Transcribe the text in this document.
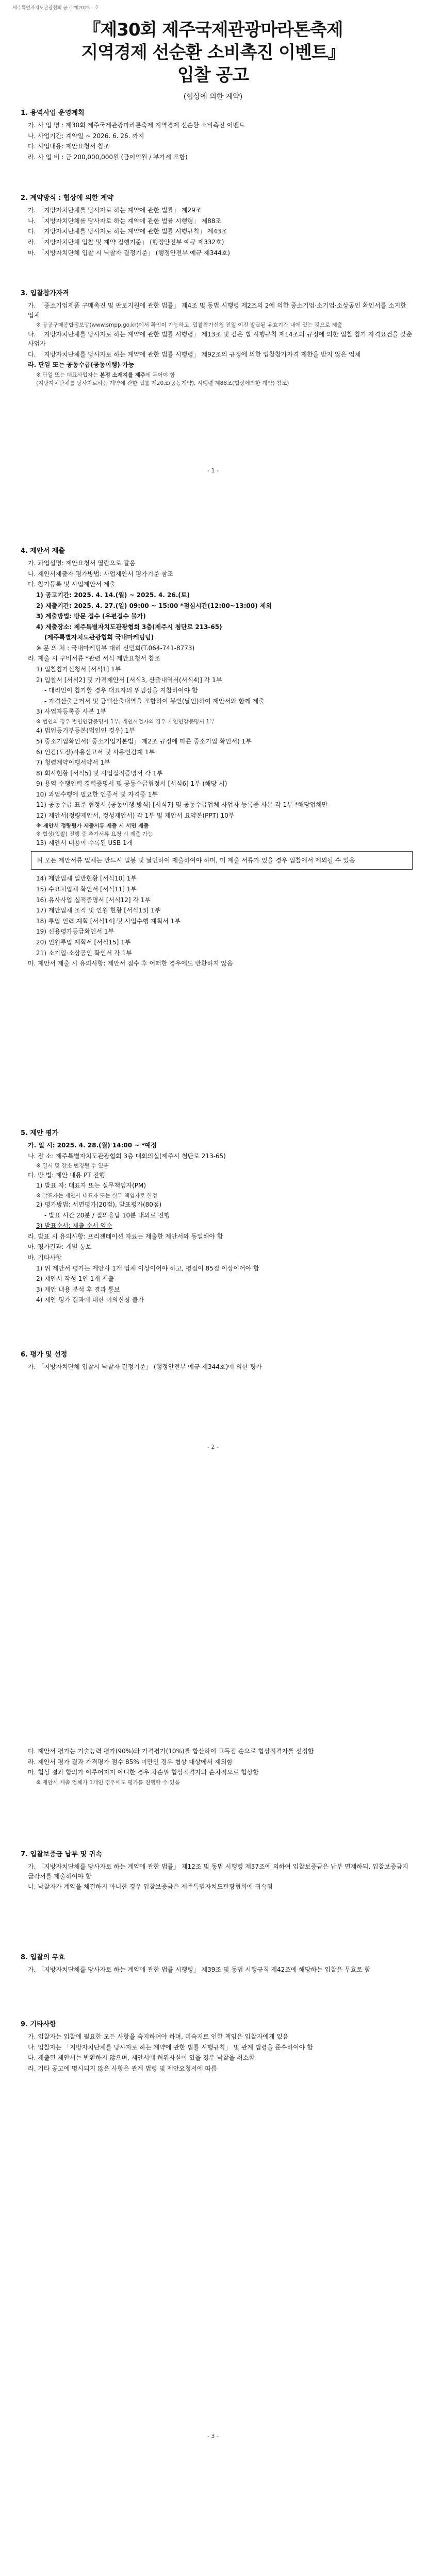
제주특별자치도관광협회 공고 제2025 - 호
『제30회 제주국제관광마라톤축제
지역경제 선순환 소비촉진 이벤트』
입찰 공고
(협상에 의한 계약)
1. 용역사업 운영계획
가. 사 업 명 : 제30회 제주국제관광마라톤축제 지역경제 선순환 소비촉진 이벤트
나. 사업기간: 계약일 ~ 2026. 6. 26. 까지
다. 사업내용: 제안요청서 참조
라. 사 업 비 : 금 200,000,000원 (금이억원 / 부가세 포함)
2. 계약방식 : 협상에 의한 계약
가. 「지방자치단체를 당사자로 하는 계약에 관한 법률」 제29조
나. 「지방자치단체를 당사자로 하는 계약에 관한 법률 시행령」 제88조
다. 「지방자치단체를 당사자로 하는 계약에 관한 법률 시행규칙」 제43조
라. 「지방자치단체 입찰 및 계약 집행기준」 (행정안전부 예규 제332호)
마. 「지방자치단체 입찰 시 낙찰자 결정기준」 (행정안전부 예규 제344호)
3. 입찰참가자격
가. 「중소기업제품 구매촉진 및 판로지원에 관한 법률」 제4조 및 동법 시행령 제2조의 2에 의한 중소기업·소기업·소상공인 확인서를 소지한 업체
※ 공공구매종합정보망(www.smpp.go.kr)에서 확인이 가능하고, 입찰참가신청 전일 이전 발급된 유효기간 내에 있는 것으로 제출
나. 「지방자치단체를 당사자로 하는 계약에 관한 법률 시행령」 제13조 및 같은 법 시행규칙 제14조의 규정에 의한 입찰 참가 자격요건을 갖춘 사업자
다. 「지방자치단체를 당사자로 하는 계약에 관한 법률 시행령」 제92조의 규정에 의한 입찰참가자격 제한을 받지 않은 업체
라. 단일 또는 공동수급(공동이행) 가능
※ 단일 또는 대표사업자는 본점 소재지를 제주에 두어야 함
(지방자치단체를 당사자로하는 계약에 관한 법률 제20조(공동계약), 시행령 제88조(협상에의한 계약) 참조)
- 1 -
4. 제안서 제출
가. 과업설명: 제안요청서 열람으로 갈음
나. 제안서제출자 평가방법: 사업제안서 평가기준 참조
다. 참가등록 및 사업제안서 제출
1) 공고기간: 2025. 4. 14.(월) ~ 2025. 4. 26.(토)
2) 제출기간: 2025. 4. 27.(일) 09:00 ~ 15:00 *점심시간(12:00~13:00) 제외
3) 제출방법: 방문 접수 (우편접수 불가)
4) 제출장소: 제주특별자치도관광협회 3층(제주시 첨단로 213-65)
(제주특별자치도관광협회 국내마케팅팀)
※ 문 의 처 : 국내마케팅부 대리 신민희(T.064-741-8773)
라. 제출 시 구비서류 *관련 서식 제안요청서 참조
1) 입찰참가신청서 [서식1] 1부
2) 입찰서 [서식2] 및 가격제안서 [서식3, 산출내역서(서식4)] 각 1부
- 대리인이 참가할 경우 대표자의 위임장을 지참하여야 함
- 가격산출근거서 및 금액산출내역을 포함하여 봉인(날인)하여 제안서와 함께 제출
3) 사업자등록증 사본 1부
※ 법인의 경우 법인인감증명서 1부, 개인사업자의 경우 개인인감증명서 1부
4) 법인등기부등본(법인인 경우) 1부
5) 중소기업확인서(「중소기업기본법」 제2조 규정에 따른 중소기업 확인서) 1부
6) 인감(도장)사용신고서 및 사용인감계 1부
7) 청렴계약이행서약서 1부
8) 회사현황 [서식5] 및 사업실적증명서 각 1부
9) 용역 수행인력 경력증명서 및 공동수급협정서 [서식6] 1부 (해당 시)
10) 과업수행에 필요한 인증서 및 자격증 1부
11) 공동수급 표준 협정서 (공동이행 방식) [서식7] 및 공동수급업체 사업자 등록증 사본 각 1부 *해당업체만
12) 제안서(정량제안서, 정성제안서) 각 1부 및 제안서 요약본(PPT) 10부
※ 제안서 정량평가 제출서류 제출 시 서면 제출
※ 협상(입찰) 진행 중 추가서류 요청 시 제출 가능
13) 제안서 내용이 수록된 USB 1개
위 모든 제안서류 일체는 반드시 밀봉 및 날인하여 제출하여야 하며, 미 제출 서류가 있을 경우 입찰에서 제외될 수 있음
14) 제안업체 일반현황 [서식10] 1부
15) 수요처업체 확인서 [서식11] 1부
16) 유사사업 실적증명서 [서식12] 각 1부
17) 제안업체 조직 및 인원 현황 [서식13] 1부
18) 투입 인력 계획 [서식14] 및 사업수행 계획서 1부
19) 신용평가등급확인서 1부
20) 인원투입 계획서 [서식15] 1부
21) 소기업·소상공인 확인서 각 1부
마. 제안서 제출 시 유의사항: 제안서 접수 후 어떠한 경우에도 반환하지 않음
5. 제안 평가
가. 일 시: 2025. 4. 28.(월) 14:00 ~ *예정
나. 장 소: 제주특별자치도관광협회 3층 대회의실(제주시 첨단로 213-65)
※ 일시 및 장소 변경될 수 있음
다. 방 법: 제안 내용 PT 진행
1) 발표 자: 대표자 또는 실무책임자(PM)
※ 발표자는 제안사 대표자 또는 실무 책임자로 한정
2) 평가방법: 서면평가(20점), 발표평가(80점)
- 발표 시간 20분 / 질의응답 10분 내외로 진행
3) 발표순서: 제출 순서 역순
라. 발표 시 유의사항: 프리젠테이션 자료는 제출한 제안서와 동일해야 함
마. 평가결과: 개별 통보
바. 기타사항
1) 위 제안서 평가는 제안사 1개 업체 이상이어야 하고, 평점이 85점 이상이어야 함
2) 제안서 작성 1인 1개 제출
3) 제안 내용 분석 후 결과 통보
4) 제안 평가 결과에 대한 이의신청 불가
6. 평가 및 선정
가. 「지방자치단체 입찰시 낙찰자 결정기준」 (행정안전부 예규 제344호)에 의한 평가
- 2 -
다. 제안서 평가는 기술능력 평가(90%)와 가격평가(10%)를 합산하여 고득점 순으로 협상적격자를 선정함
라. 제안서 평가 결과 가격평가 점수 85% 미만인 경우 협상 대상에서 제외함
마. 협상 결과 합의가 이루어지지 아니한 경우 차순위 협상적격자와 순차적으로 협상함
※ 제안서 제출 업체가 1개인 경우에도 평가를 진행할 수 있음
7. 입찰보증금 납부 및 귀속
가. 「지방자치단체를 당사자로 하는 계약에 관한 법률」 제12조 및 동법 시행령 제37조에 의하여 입찰보증금은 납부 면제하되, 입찰보증금지급각서를 제출하여야 함
나. 낙찰자가 계약을 체결하지 아니한 경우 입찰보증금은 제주특별자치도관광협회에 귀속됨
8. 입찰의 무효
가. 「지방자치단체를 당사자로 하는 계약에 관한 법률 시행령」 제39조 및 동법 시행규칙 제42조에 해당하는 입찰은 무효로 함
9. 기타사항
가. 입찰자는 입찰에 필요한 모든 사항을 숙지하여야 하며, 미숙지로 인한 책임은 입찰자에게 있음
나. 입찰자는 「지방자치단체를 당사자로 하는 계약에 관한 법률 시행규칙」 및 관계 법령을 준수하여야 함
다. 제출된 제안서는 반환하지 않으며, 제안서에 허위사실이 있을 경우 낙찰을 취소함
라. 기타 공고에 명시되지 않은 사항은 관계 법령 및 제안요청서에 따름
- 3 -
